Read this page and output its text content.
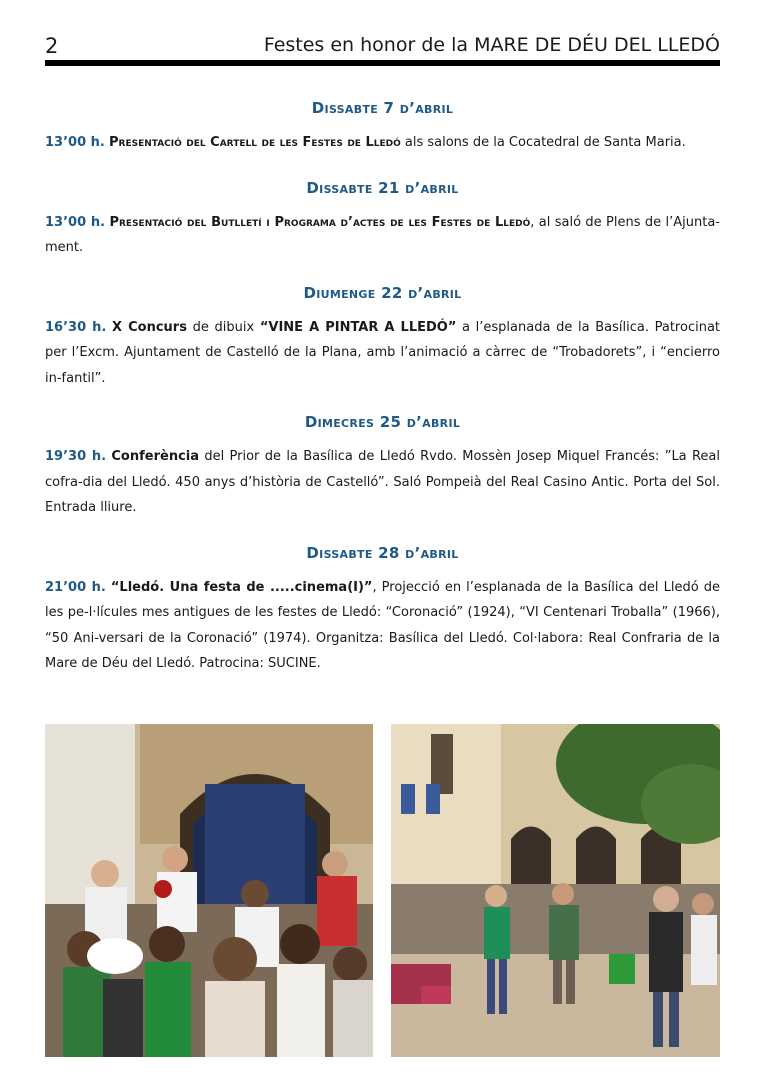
2	Festes en honor de la MARE DE DÉU DEL LLEDÓ
Dissabte 7 d’abril

13’00 h. Presentació del Cartell de les Festes de Lledó als salons de la Cocatedral de Santa Maria.

Dissabte 21 d’abril

13’00 h. Presentació del Butlletí i Programa d’actes de les Festes de Lledó, al saló de Plens de l’Ajunta-ment.

Diumenge 22 d’abril

16’30 h. X Concurs de dibuix “VINE A PINTAR A LLEDÓ” a l’esplanada de la Basílica. Patrocinat per l’Excm. Ajuntament de Castelló de la Plana, amb l’animació a càrrec de “Trobadorets”, i “encierro in-fantil”.

Dimecres 25 d’abril

19’30 h. Conferència del Prior de la Basílica de Lledó Rvdo. Mossèn Josep Miquel Francés: ”La Real cofra-dia del Lledó. 450 anys d’història de Castelló”. Saló Pompeià del Real Casino Antic. Porta del Sol. Entrada lliure.

Dissabte 28 d’abril

21’00 h. “Lledó. Una festa de .....cinema(I)”, Projecció en l’esplanada de la Basílica del Lledó de les pe-l·lícules mes antigues de les festes de Lledó: “Coronació” (1924), “VI Centenari Troballa” (1966), “50 Ani-versari de la Coronació” (1974). Organitza: Basílica del Lledó. Col·labora: Real Confraria de la Mare de Déu del Lledó. Patrocina: SUCINE.
